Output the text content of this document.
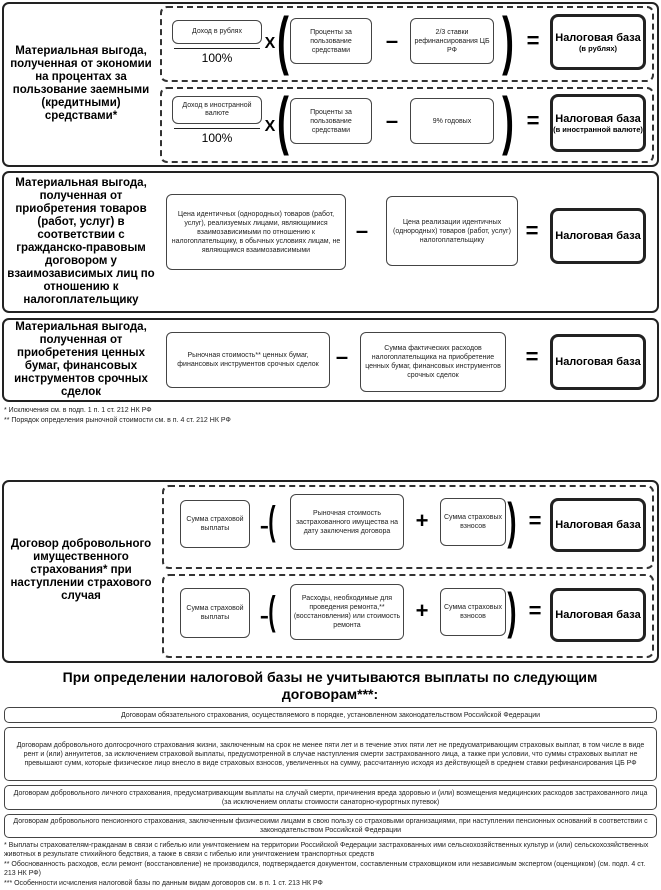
Материальная выгода, полученная от экономии на процентах за пользование заемными (кредитными) средствами*
Доход в рублях
100%
X (	Проценты за пользование средствами	–	2/3 ставки рефинансирования ЦБ РФ ) =	Налоговая база
(в рублях)
Доход в иностранной валюте
100%
X (	Проценты за пользование средствами	–	9% годовых ) =	Налоговая база
(в иностранной валюте)
Материальная выгода, полученная от приобретения товаров (работ, услуг) в соответствии с гражданско-правовым договором у взаимозависимых лиц по отношению к налогоплательщику
Цена идентичных (однородных) товаров (работ, услуг), реализуемых лицами, являющимися взаимозависимыми по отношению к налогоплательщику, в обычных условиях лицам, не являющимся взаимозависимыми
–	Цена реализации идентичных (однородных) товаров (работ, услуг) налогоплательщику	=	Налоговая база
Материальная выгода, полученная от приобретения ценных бумаг, финансовых инструментов срочных сделок
Рыночная стоимость** ценных бумаг, финансовых инструментов срочных сделок –	Сумма фактических расходов налогоплательщика на приобретение ценных бумаг, финансовых инструментов срочных сделок
=	Налоговая база
* Исключения см. в подп. 1 п. 1 ст. 212 НК РФ
** Порядок определения рыночной стоимости см. в п. 4 ст. 212 НК РФ
Договор добровольного имущественного страхования* при наступлении страхового случая
Сумма страховой выплаты	–(	Рыночная стоимость застрахованного имущества на дату заключения договора	+	Сумма страховых взносов ) =	Налоговая база
Сумма страховой выплаты	–(	Расходы, необходимые для проведения ремонта,** (восстановления) или стоимость ремонта
+	Сумма страховых взносов ) =	Налоговая база
При определении налоговой базы не учитываются выплаты по следующим договорам***:
Договорам обязательного страхования, осуществляемого в порядке, установленном законодательством Российской Федерации
Договорам добровольного долгосрочного страхования жизни, заключенным на срок не менее пяти лет и в течение этих пяти лет не предусматривающим страховых выплат, в том числе в виде рент и (или) аннуитетов, за исключением страховой выплаты, предусмотренной в случае наступления смерти застрахованного лица, а также при условии, что суммы страховых выплат не превышают сумм, которые физическое лицо внесло в виде страховых взносов, увеличенных на сумму, рассчитанную исходя из действующей в среднем ставки рефинансирования ЦБ РФ
Договорам добровольного личного страхования, предусматривающим выплаты на случай смерти, причинения вреда здоровью и (или) возмещения медицинских расходов застрахованного лица (за исключением оплаты стоимости санаторно-курортных путевок)
Договорам добровольного пенсионного страхования, заключенным физическими лицами в свою пользу со страховыми организациями, при наступлении пенсионных оснований в соответствии с законодательством Российской Федерации
* Выплаты страхователям-гражданам в связи с гибелью или уничтожением на территории Российской Федерации застрахованных ими сельскохозяйственных культур и (или) сельскохозяйственных животных в результате стихийного бедствия, а также в связи с гибелью или уничтожением транспортных средств
** Обоснованность расходов, если ремонт (восстановление) не производился, подтверждается документом, составленным страховщиком или независимым экспертом (оценщиком) (см. подп. 4 ст. 213 НК РФ)
*** Особенности исчисления налоговой базы по данным видам договоров см. в п. 1 ст. 213 НК РФ
